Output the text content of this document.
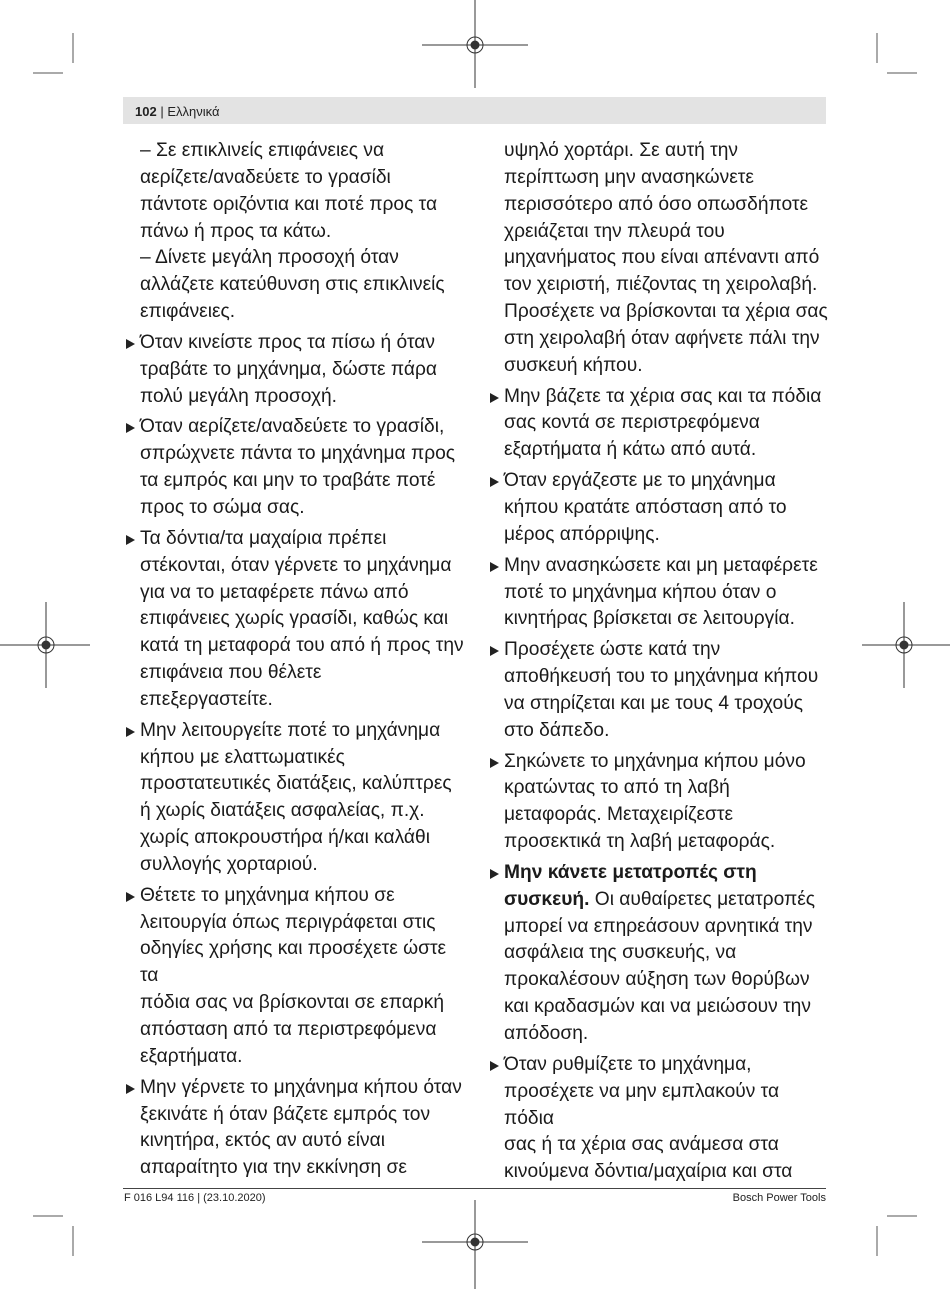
102 | Ελληνικά
– Σε επικλινείς επιφάνειες να
αερίζετε/αναδεύετε το γρασίδι
πάντοτε οριζόντια και ποτέ προς τα
πάνω ή προς τα κάτω.
– Δίνετε μεγάλη προσοχή όταν
αλλάζετε κατεύθυνση στις επικλινείς
επιφάνειες.
Όταν κινείστε προς τα πίσω ή όταν
τραβάτε το μηχάνημα, δώστε πάρα
πολύ μεγάλη προσοχή.
Όταν αερίζετε/αναδεύετε το γρασίδι,
σπρώχνετε πάντα το μηχάνημα προς
τα εμπρός και μην το τραβάτε ποτέ
προς το σώμα σας.
Τα δόντια/τα μαχαίρια πρέπει
στέκονται, όταν γέρνετε το μηχάνημα
για να το μεταφέρετε πάνω από
επιφάνειες χωρίς γρασίδι, καθώς και
κατά τη μεταφορά του από ή προς την
επιφάνεια που θέλετε
επεξεργαστείτε.
Μην λειτουργείτε ποτέ το μηχάνημα
κήπου με ελαττωματικές
προστατευτικές διατάξεις, καλύπτρες
ή χωρίς διατάξεις ασφαλείας, π.χ.
χωρίς αποκρουστήρα ή/και καλάθι
συλλογής χορταριού.
Θέτετε το μηχάνημα κήπου σε
λειτουργία όπως περιγράφεται στις
οδηγίες χρήσης και προσέχετε ώστε τα
πόδια σας να βρίσκονται σε επαρκή
απόσταση από τα περιστρεφόμενα
εξαρτήματα.
Μην γέρνετε το μηχάνημα κήπου όταν
ξεκινάτε ή όταν βάζετε εμπρός τον
κινητήρα, εκτός αν αυτό είναι
απαραίτητο για την εκκίνηση σε
υψηλό χορτάρι. Σε αυτή την
περίπτωση μην ανασηκώνετε
περισσότερο από όσο οπωσδήποτε
χρειάζεται την πλευρά του
μηχανήματος που είναι απέναντι από
τον χειριστή, πιέζοντας τη χειρολαβή.
Προσέχετε να βρίσκονται τα χέρια σας
στη χειρολαβή όταν αφήνετε πάλι την
συσκευή κήπου.
Μην βάζετε τα χέρια σας και τα πόδια
σας κοντά σε περιστρεφόμενα
εξαρτήματα ή κάτω από αυτά.
Όταν εργάζεστε με το μηχάνημα
κήπου κρατάτε απόσταση από το
μέρος απόρριψης.
Μην ανασηκώσετε και μη μεταφέρετε
ποτέ το μηχάνημα κήπου όταν ο
κινητήρας βρίσκεται σε λειτουργία.
Προσέχετε ώστε κατά την
αποθήκευσή του το μηχάνημα κήπου
να στηρίζεται και με τους 4 τροχούς
στο δάπεδο.
Σηκώνετε το μηχάνημα κήπου μόνο
κρατώντας το από τη λαβή
μεταφοράς. Μεταχειρίζεστε
προσεκτικά τη λαβή μεταφοράς.
Μην κάνετε μετατροπές στη
συσκευή. Οι αυθαίρετες μετατροπές
μπορεί να επηρεάσουν αρνητικά την
ασφάλεια της συσκευής, να
προκαλέσουν αύξηση των θορύβων
και κραδασμών και να μειώσουν την
απόδοση.
Όταν ρυθμίζετε το μηχάνημα,
προσέχετε να μην εμπλακούν τα πόδια
σας ή τα χέρια σας ανάμεσα στα
κινούμενα δόντια/μαχαίρια και στα
F 016 L94 116 | (23.10.2020)	Bosch Power Tools
